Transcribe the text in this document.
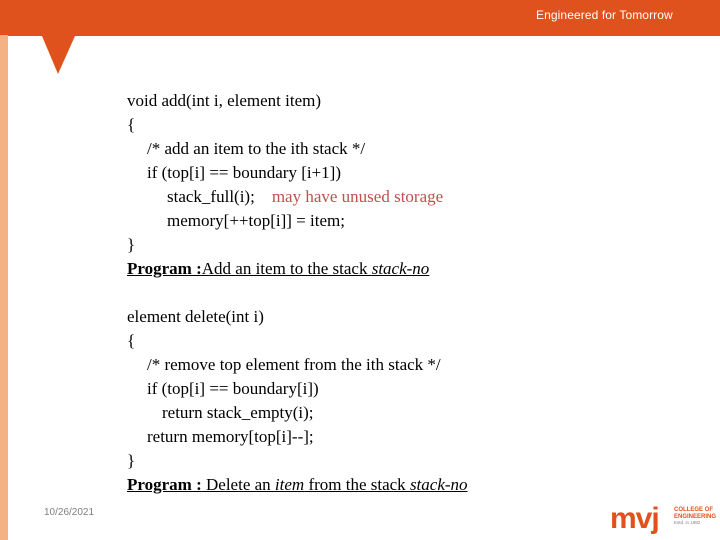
Engineered for Tomorrow
void add(int i, element item)
{
/* add an item to the ith stack */
if (top[i] == boundary [i+1])
stack_full(i); may have unused storage
memory[++top[i]] = item;
}
Program :Add an item to the stack stack-no
element delete(int i)
{
/* remove top element from the ith stack */
if (top[i] == boundary[i])
return stack_empty(i);
return memory[top[i]--];
}
Program : Delete an item from the stack stack-no
10/26/2021	mvj	COLLEGE OF
ENGINEERING
Estd. in 1982
